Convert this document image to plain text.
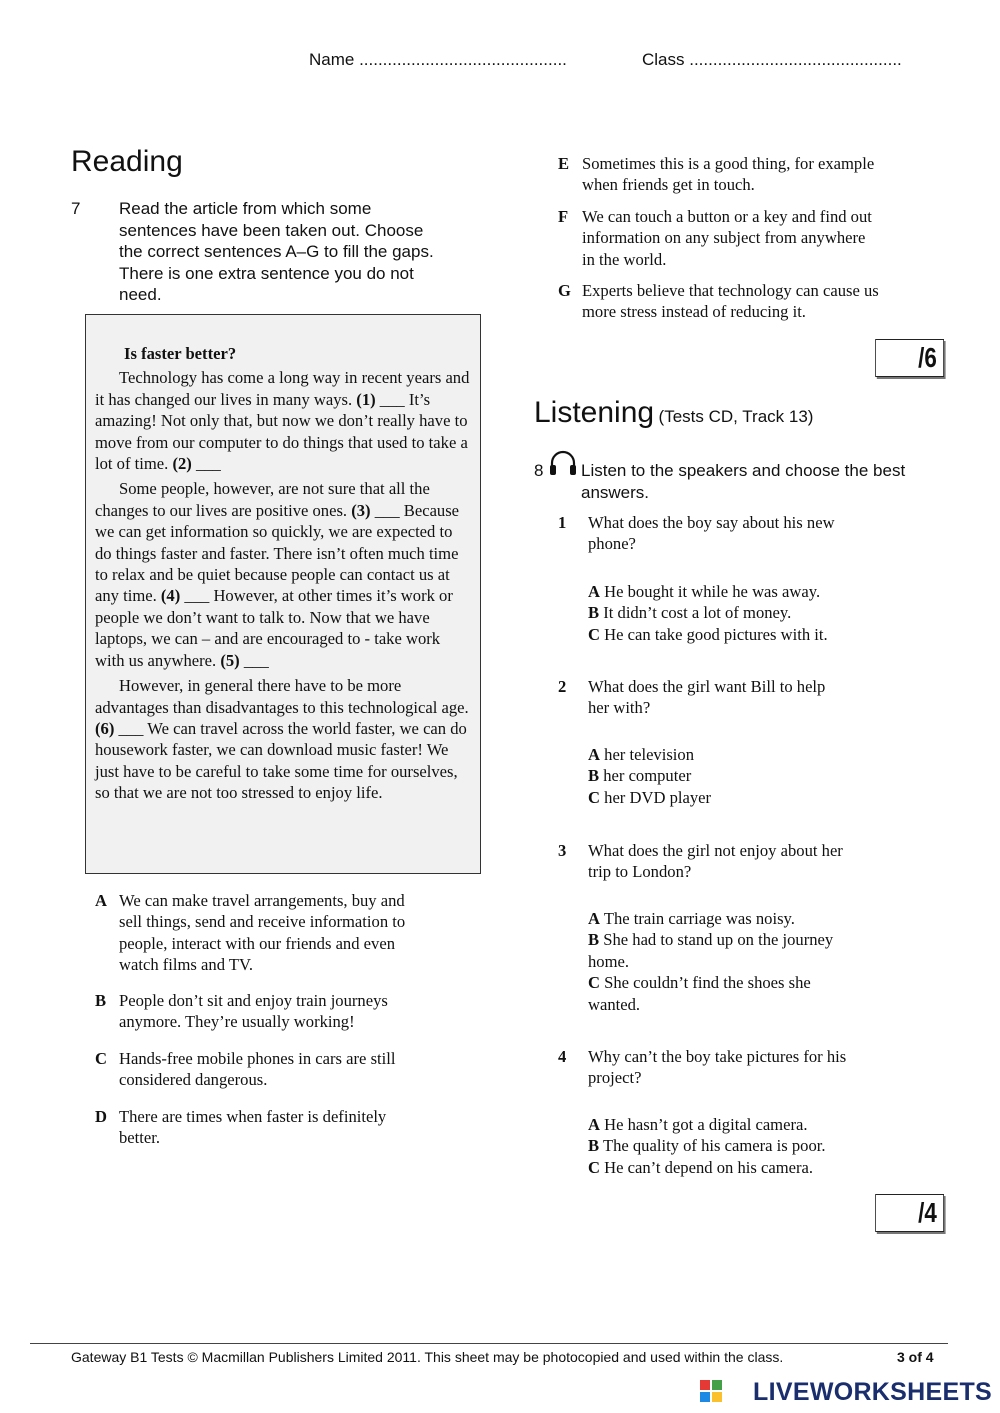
Name ............................................	Class .............................................
Reading
7 Read the article from which some
sentences have been taken out. Choose
the correct sentences A–G to fill the gaps.
There is one extra sentence you do not
need.
Is faster better?

Technology has come a long way in recent years and it has changed our lives in many ways. (1) ___ It’s amazing! Not only that, but now we don’t really have to move from our computer to do things that used to take a lot of time. (2) ___

Some people, however, are not sure that all the changes to our lives are positive ones. (3) ___ Because we can get information so quickly, we are expected to do things faster and faster. There isn’t often much time to relax and be quiet because people can contact us at any time. (4) ___ However, at other times it’s work or people we don’t want to talk to. Now that we have laptops, we can – and are encouraged to - take work with us anywhere. (5) ___

However, in general there have to be more advantages than disadvantages to this technological age. (6) ___ We can travel across the world faster, we can do housework faster, we can download music faster! We just have to be careful to take some time for ourselves, so that we are not too stressed to enjoy life.

A We can make travel arrangements, buy and
sell things, send and receive information to
people, interact with our friends and even
watch films and TV.
B People don’t sit and enjoy train journeys
anymore. They’re usually working!
C Hands-free mobile phones in cars are still
considered dangerous.
D There are times when faster is definitely
better.
E Sometimes this is a good thing, for example
when friends get in touch.
F We can touch a button or a key and find out
information on any subject from anywhere
in the world.
G Experts believe that technology can cause us
more stress instead of reducing it.
/6
Listening (Tests CD, Track 13)
8 Listen to the speakers and choose the best
answers.
1 What does the boy say about his new
phone?
A He bought it while he was away.
B It didn’t cost a lot of money.
C He can take good pictures with it.
2 What does the girl want Bill to help
her with?
A her television
B her computer
C her DVD player
3 What does the girl not enjoy about her
trip to London?
A The train carriage was noisy.
B She had to stand up on the journey
home.
C She couldn’t find the shoes she
wanted.
4 Why can’t the boy take pictures for his
project?
A He hasn’t got a digital camera.
B The quality of his camera is poor.
C He can’t depend on his camera.
/4
Gateway B1 Tests © Macmillan Publishers Limited 2011. This sheet may be photocopied and used within the class.	3 of 4
LIVEWORKSHEETS
